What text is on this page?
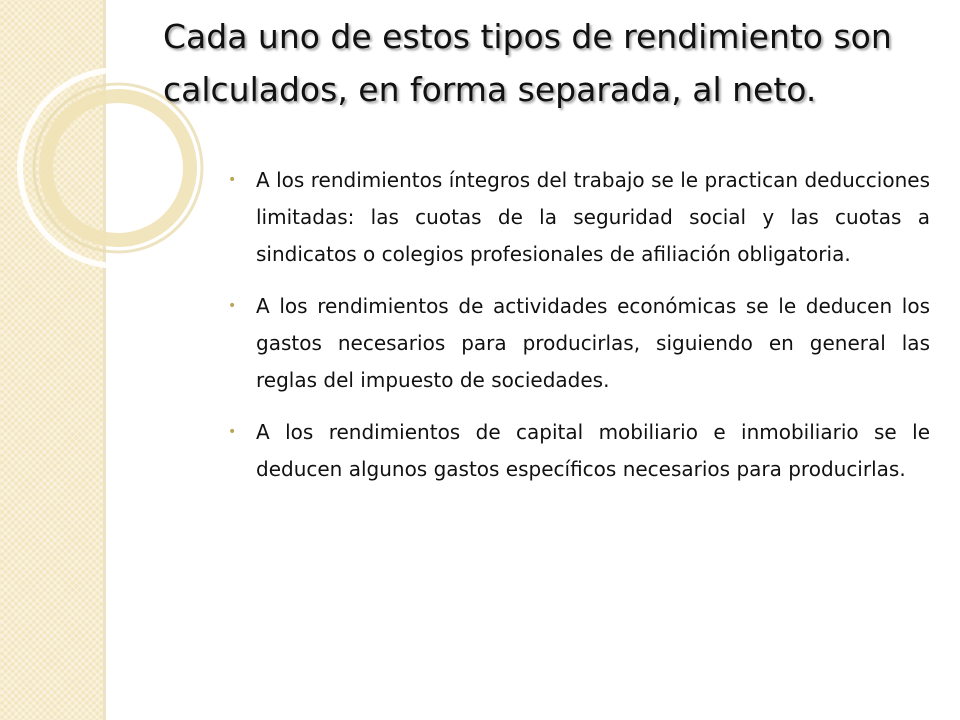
Cada uno de estos tipos de rendimiento son calculados, en forma separada, al neto.
• A los rendimientos íntegros del trabajo se le practican deducciones limitadas: las cuotas de la seguridad social y las cuotas a sindicatos o colegios profesionales de afiliación obligatoria.
• A los rendimientos de actividades económicas se le deducen los gastos necesarios para producirlas, siguiendo en general las reglas del impuesto de sociedades.
• A los rendimientos de capital mobiliario e inmobiliario se le deducen algunos gastos específicos necesarios para producirlas.
